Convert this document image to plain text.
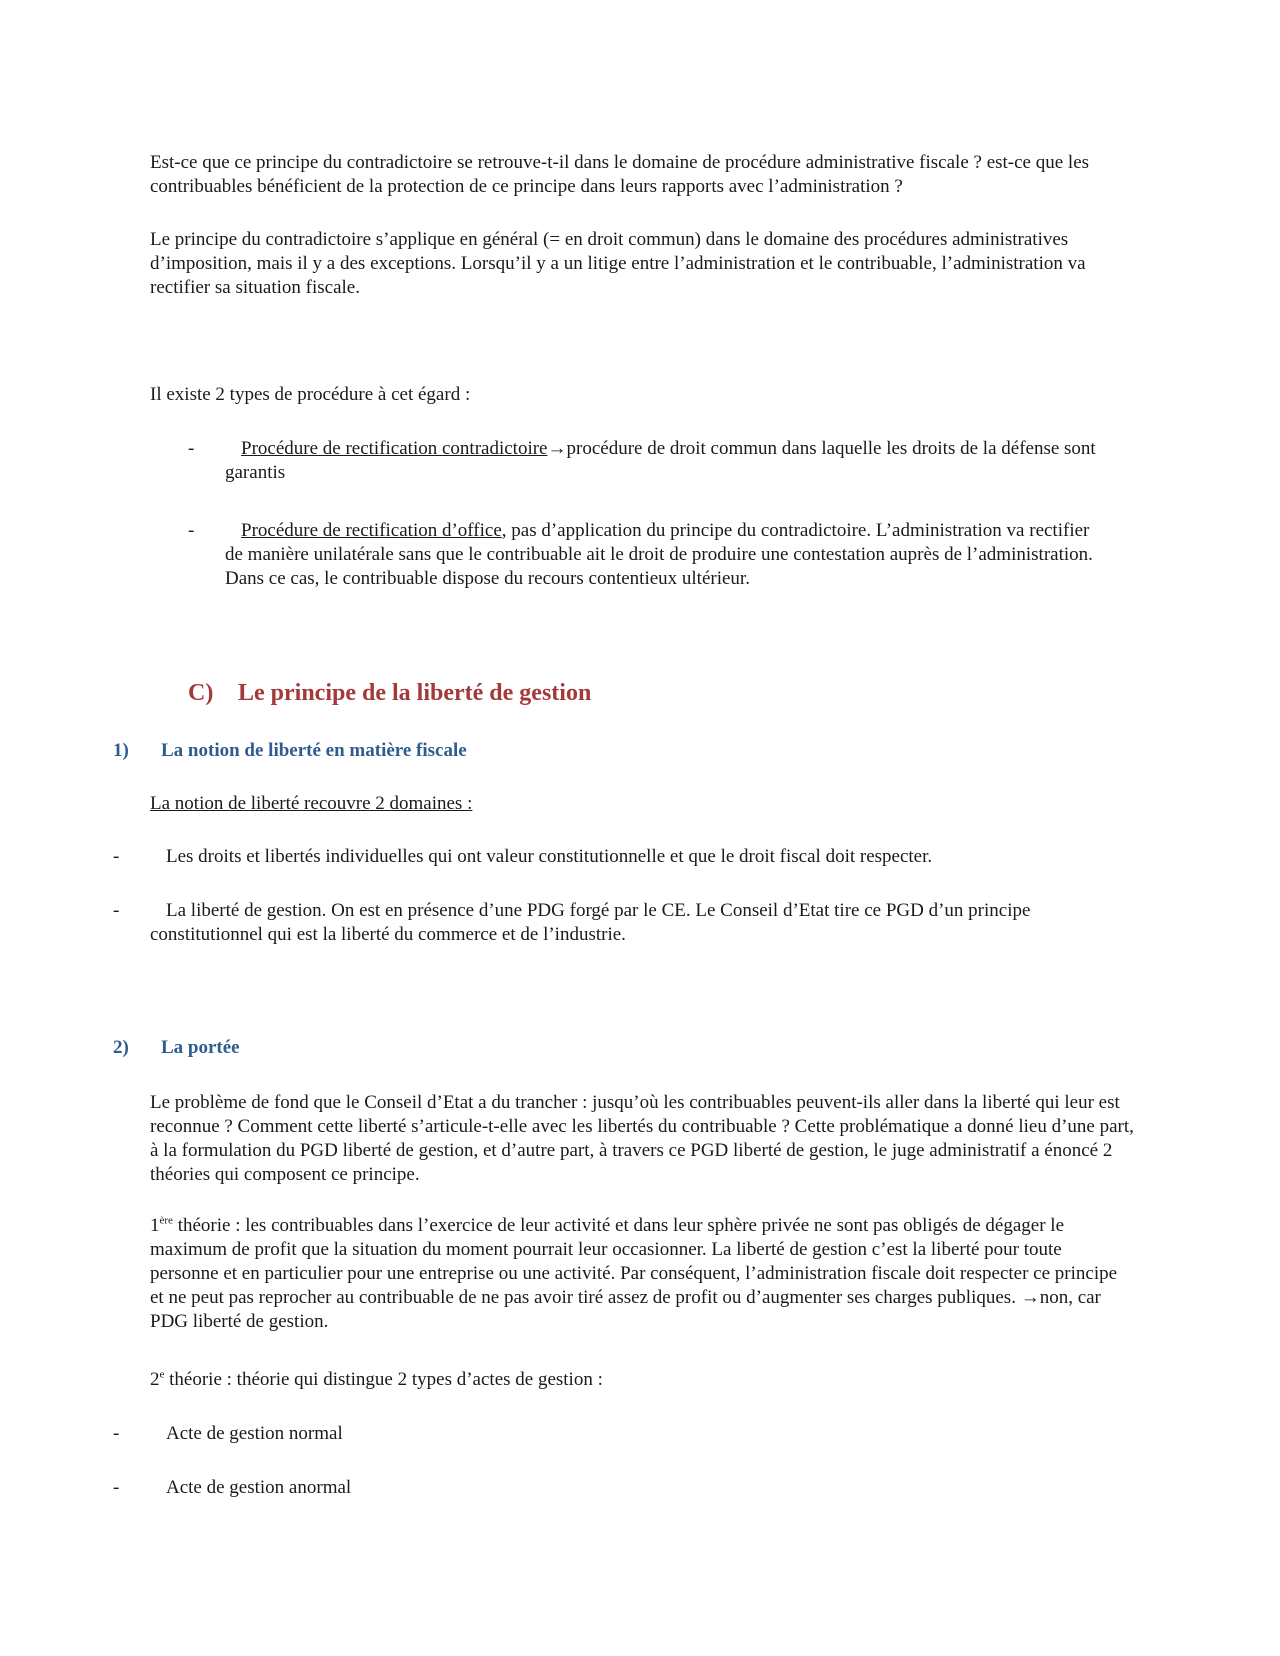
Est-ce que ce principe du contradictoire se retrouve-t-il dans le domaine de procédure administrative fiscale ? est-ce que les contribuables bénéficient de la protection de ce principe dans leurs rapports avec l’administration ?

Le principe du contradictoire s’applique en général (= en droit commun) dans le domaine des procédures administratives d’imposition, mais il y a des exceptions. Lorsqu’il y a un litige entre l’administration et le contribuable, l’administration va rectifier sa situation fiscale.

Il existe 2 types de procédure à cet égard :

-	Procédure de rectification contradictoire→procédure de droit commun dans laquelle les droits de la défense sont garantis
-	Procédure de rectification d’office, pas d’application du principe du contradictoire. L’administration va rectifier de manière unilatérale sans que le contribuable ait le droit de produire une contestation auprès de l’administration. Dans ce cas, le contribuable dispose du recours contentieux ultérieur.
C) Le principe de la liberté de gestion
1) La notion de liberté en matière fiscale

La notion de liberté recouvre 2 domaines :

-	Les droits et libertés individuelles qui ont valeur constitutionnelle et que le droit fiscal doit respecter.
-	La liberté de gestion. On est en présence d’une PDG forgé par le CE. Le Conseil d’Etat tire ce PGD d’un principe constitutionnel qui est la liberté du commerce et de l’industrie.
2) La portée

Le problème de fond que le Conseil d’Etat a du trancher : jusqu’où les contribuables peuvent-ils aller dans la liberté qui leur est reconnue ? Comment cette liberté s’articule-t-elle avec les libertés du contribuable ? Cette problématique a donné lieu d’une part, à la formulation du PGD liberté de gestion, et d’autre part, à travers ce PGD liberté de gestion, le juge administratif a énoncé 2 théories qui composent ce principe.

1ère théorie : les contribuables dans l’exercice de leur activité et dans leur sphère privée ne sont pas obligés de dégager le maximum de profit que la situation du moment pourrait leur occasionner. La liberté de gestion c’est la liberté pour toute personne et en particulier pour une entreprise ou une activité. Par conséquent, l’administration fiscale doit respecter ce principe et ne peut pas reprocher au contribuable de ne pas avoir tiré assez de profit ou d’augmenter ses charges publiques. →non, car PDG liberté de gestion.

2e théorie : théorie qui distingue 2 types d’actes de gestion :

-	Acte de gestion normal
-	Acte de gestion anormal
